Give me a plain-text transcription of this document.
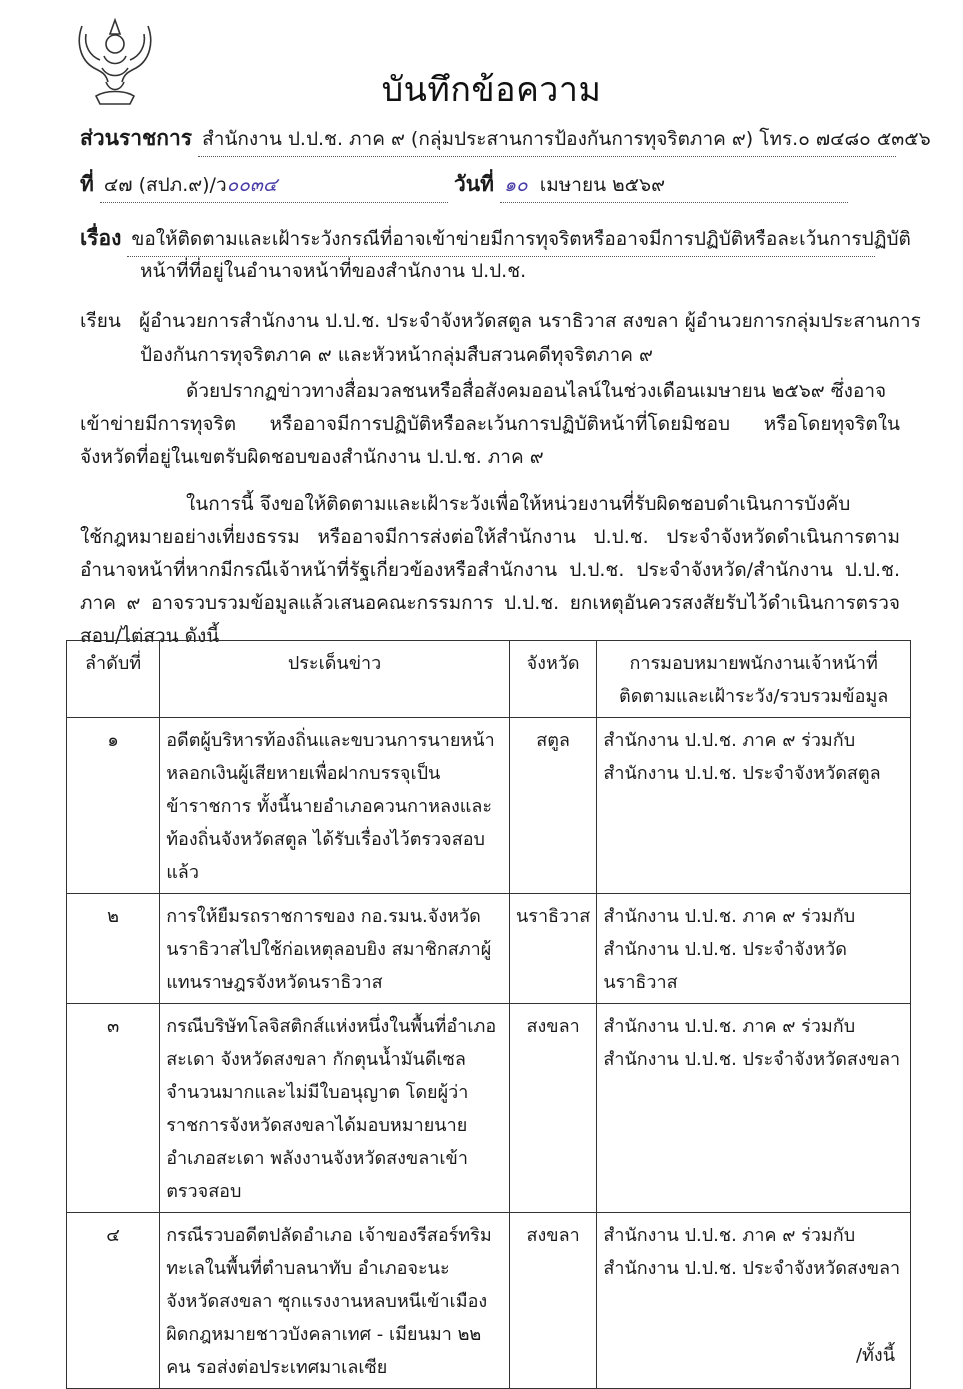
บันทึกข้อความ
ส่วนราชการ สำนักงาน ป.ป.ช. ภาค ๙ (กลุ่มประสานการป้องกันการทุจริตภาค ๙) โทร.๐ ๗๔๘๐ ๕๓๕๖
ที่ ๔๗ (สปภ.๙)/ว๐๐๓๔	วันที่ ๑๐ เมษายน ๒๕๖๙
เรื่อง ขอให้ติดตามและเฝ้าระวังกรณีที่อาจเข้าข่ายมีการทุจริตหรืออาจมีการปฏิบัติหรือละเว้นการปฏิบัติ
หน้าที่ที่อยู่ในอำนาจหน้าที่ของสำนักงาน ป.ป.ช.
เรียน ผู้อำนวยการสำนักงาน ป.ป.ช. ประจำจังหวัดสตูล นราธิวาส สงขลา ผู้อำนวยการกลุ่มประสานการ
ป้องกันการทุจริตภาค ๙ และหัวหน้ากลุ่มสืบสวนคดีทุจริตภาค ๙
ด้วยปรากฏข่าวทางสื่อมวลชนหรือสื่อสังคมออนไลน์ในช่วงเดือนเมษายน ๒๕๖๙ ซึ่งอาจ
เข้าข่ายมีการทุจริต หรืออาจมีการปฏิบัติหรือละเว้นการปฏิบัติหน้าที่โดยมิชอบ หรือโดยทุจริตในจังหวัดที่อยู่ในเขตรับผิดชอบของสำนักงาน ป.ป.ช. ภาค ๙
ในการนี้ จึงขอให้ติดตามและเฝ้าระวังเพื่อให้หน่วยงานที่รับผิดชอบดำเนินการบังคับ
ใช้กฎหมายอย่างเที่ยงธรรม หรืออาจมีการส่งต่อให้สำนักงาน ป.ป.ช. ประจำจังหวัดดำเนินการตามอำนาจหน้าที่หากมีกรณีเจ้าหน้าที่รัฐเกี่ยวข้องหรือสำนักงาน ป.ป.ช. ประจำจังหวัด/สำนักงาน ป.ป.ช. ภาค ๙ อาจรวบรวมข้อมูลแล้วเสนอคณะกรรมการ ป.ป.ช. ยกเหตุอันควรสงสัยรับไว้ดำเนินการตรวจสอบ/ไต่สวน ดังนี้
ลำดับที่	ประเด็นข่าว	จังหวัด	การมอบหมายพนักงานเจ้าหน้าที่ ติดตามและเฝ้าระวัง/รวบรวมข้อมูล
๑	อดีตผู้บริหารท้องถิ่นและขบวนการนายหน้าหลอกเงินผู้เสียหายเพื่อฝากบรรจุเป็นข้าราชการ ทั้งนี้นายอำเภอควนกาหลงและท้องถิ่นจังหวัดสตูล ได้รับเรื่องไว้ตรวจสอบแล้ว	สตูล	สำนักงาน ป.ป.ช. ภาค ๙ ร่วมกับ สำนักงาน ป.ป.ช. ประจำจังหวัดสตูล
๒	การให้ยืมรถราชการของ กอ.รมน.จังหวัดนราธิวาสไปใช้ก่อเหตุลอบยิง สมาชิกสภาผู้แทนราษฎรจังหวัดนราธิวาส	นราธิวาส	สำนักงาน ป.ป.ช. ภาค ๙ ร่วมกับ สำนักงาน ป.ป.ช. ประจำจังหวัดนราธิวาส
๓	กรณีบริษัทโลจิสติกส์แห่งหนึ่งในพื้นที่อำเภอสะเดา จังหวัดสงขลา กักตุนน้ำมันดีเซลจำนวนมากและไม่มีใบอนุญาต โดยผู้ว่าราชการจังหวัดสงขลาได้มอบหมายนายอำเภอสะเดา พลังงานจังหวัดสงขลาเข้าตรวจสอบ	สงขลา	สำนักงาน ป.ป.ช. ภาค ๙ ร่วมกับ สำนักงาน ป.ป.ช. ประจำจังหวัดสงขลา
๔	กรณีรวบอดีตปลัดอำเภอ เจ้าของรีสอร์ทริมทะเลในพื้นที่ตำบลนาทับ อำเภอจะนะ จังหวัดสงขลา ซุกแรงงานหลบหนีเข้าเมืองผิดกฎหมายชาวบังคลาเทศ - เมียนมา ๒๒ คน รอส่งต่อประเทศมาเลเซีย	สงขลา	สำนักงาน ป.ป.ช. ภาค ๙ ร่วมกับ สำนักงาน ป.ป.ช. ประจำจังหวัดสงขลา
/ทั้งนี้
